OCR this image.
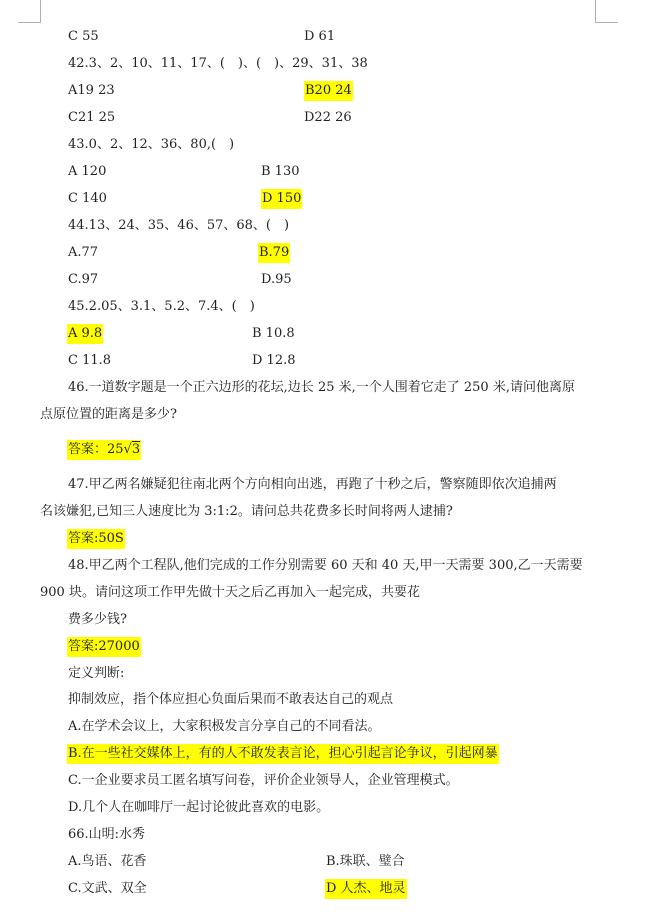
C 55	D 61
42.3、2、10、11、17、(　)、(　)、29、31、38
A19 23	B20 24
C21 25	D22 26
43.0、2、12、36、80,(　)
A 120	B 130
C 140	D 150
44.13、24、35、46、57、68、(　)
A.77	B.79
C.97	D.95
45.2.05、3.1、5.2、7.4、(　)
A 9.8	B 10.8
C 11.8	D 12.8
46.一道数字题是一个正六边形的花坛,边长 25 米,一个人围着它走了 250 米,请问他离原
点原位置的距离是多少?
答案：25√3
47.甲乙两名嫌疑犯往南北两个方向相向出逃，再跑了十秒之后，警察随即依次追捕两
名该嫌犯,已知三人速度比为 3:1:2。请问总共花费多长时间将两人逮捕?
答案:50S
48.甲乙两个工程队,他们完成的工作分别需要 60 天和 40 天,甲一天需要 300,乙一天需要
900 块。请问这项工作甲先做十天之后乙再加入一起完成，共要花
费多少钱?
答案:27000
定义判断:
抑制效应，指个体应担心负面后果而不敢表达自己的观点
A.在学术会议上，大家积极发言分享自己的不同看法。
B.在一些社交媒体上，有的人不敢发表言论，担心引起言论争议，引起网暴
C.一企业要求员工匿名填写问卷，评价企业领导人，企业管理模式。
D.几个人在咖啡厅一起讨论彼此喜欢的电影。
66.山明:水秀
A.鸟语、花香	B.珠联、璧合
C.文武、双全	D 人杰、地灵
